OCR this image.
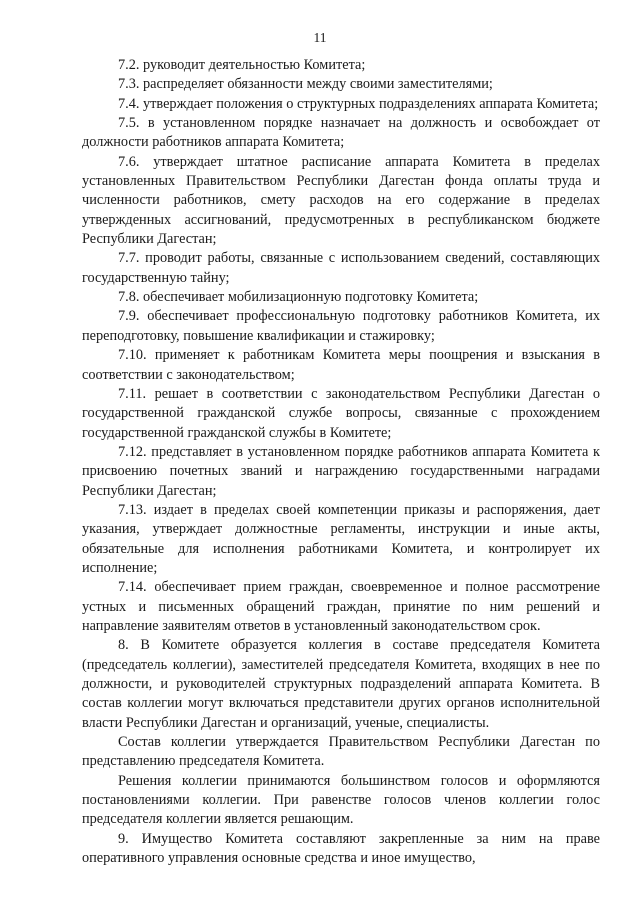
11

7.2. руководит деятельностью Комитета;

7.3. распределяет обязанности между своими заместителями;

7.4. утверждает положения о структурных подразделениях аппарата Комитета;

7.5. в установленном порядке назначает на должность и освобождает от должности работников аппарата Комитета;

7.6. утверждает штатное расписание аппарата Комитета в пределах установленных Правительством Республики Дагестан фонда оплаты труда и численности работников, смету расходов на его содержание в пределах утвержденных ассигнований, предусмотренных в республиканском бюджете Республики Дагестан;

7.7. проводит работы, связанные с использованием сведений, составляющих государственную тайну;

7.8. обеспечивает мобилизационную подготовку Комитета;

7.9. обеспечивает профессиональную подготовку работников Комитета, их переподготовку, повышение квалификации и стажировку;

7.10. применяет к работникам Комитета меры поощрения и взыскания в соответствии с законодательством;

7.11. решает в соответствии с законодательством Республики Дагестан о государственной гражданской службе вопросы, связанные с прохождением государственной гражданской службы в Комитете;

7.12. представляет в установленном порядке работников аппарата Комитета к присвоению почетных званий и награждению государственными наградами Республики Дагестан;

7.13. издает в пределах своей компетенции приказы и распоряжения, дает указания, утверждает должностные регламенты, инструкции и иные акты, обязательные для исполнения работниками Комитета, и контролирует их исполнение;

7.14. обеспечивает прием граждан, своевременное и полное рассмотрение устных и письменных обращений граждан, принятие по ним решений и направление заявителям ответов в установленный законодательством срок.

8. В Комитете образуется коллегия в составе председателя Комитета (председатель коллегии), заместителей председателя Комитета, входящих в нее по должности, и руководителей структурных подразделений аппарата Комитета. В состав коллегии могут включаться представители других органов исполнительной власти Республики Дагестан и организаций, ученые, специалисты.

Состав коллегии утверждается Правительством Республики Дагестан по представлению председателя Комитета.

Решения коллегии принимаются большинством голосов и оформляются постановлениями коллегии. При равенстве голосов членов коллегии голос председателя коллегии является решающим.

9. Имущество Комитета составляют закрепленные за ним на праве оперативного управления основные средства и иное имущество,
